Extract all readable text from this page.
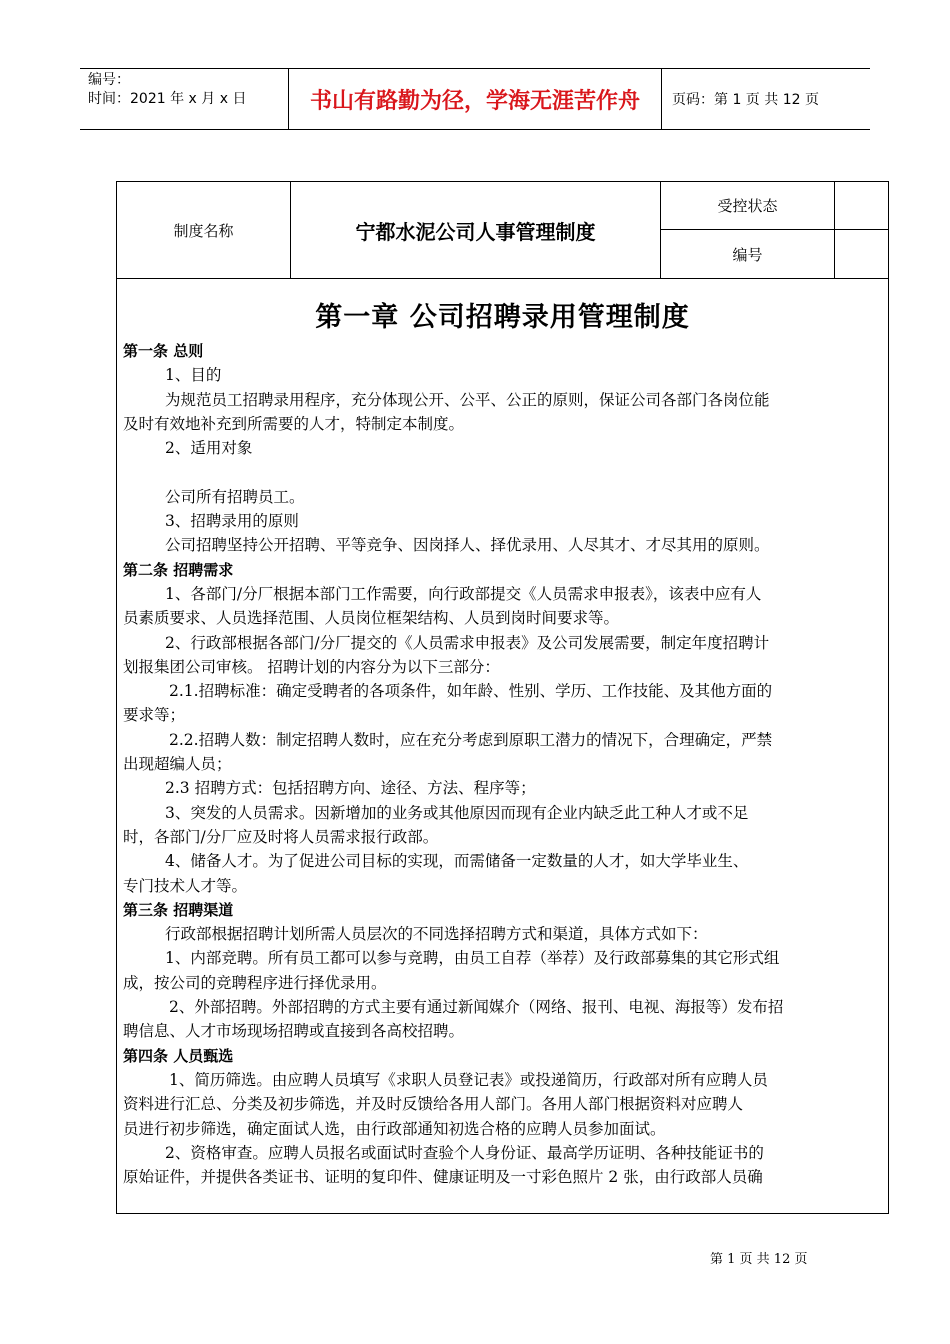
编号：
时间：2021 年 x 月 x 日	书山有路勤为径，学海无涯苦作舟	页码：第 1 页 共 12 页
制度名称	宁都水泥公司人事管理制度
受控状态
编号
第一章 公司招聘录用管理制度
第一条 总则
1、目的
为规范员工招聘录用程序，充分体现公开、公平、公正的原则，保证公司各部门各岗位能
及时有效地补充到所需要的人才，特制定本制度。
2、适用对象
公司所有招聘员工。
3、招聘录用的原则
公司招聘坚持公开招聘、平等竞争、因岗择人、择优录用、人尽其才、才尽其用的原则。
第二条 招聘需求
1、各部门/分厂根据本部门工作需要，向行政部提交《人员需求申报表》，该表中应有人
员素质要求、人员选择范围、人员岗位框架结构、人员到岗时间要求等。
2、行政部根据各部门/分厂提交的《人员需求申报表》及公司发展需要，制定年度招聘计
划报集团公司审核。 招聘计划的内容分为以下三部分：
2.1.招聘标准：确定受聘者的各项条件，如年龄、性别、学历、工作技能、及其他方面的
要求等；
2.2.招聘人数：制定招聘人数时，应在充分考虑到原职工潜力的情况下，合理确定，严禁
出现超编人员；
2.3 招聘方式：包括招聘方向、途径、方法、程序等；
3、突发的人员需求。因新增加的业务或其他原因而现有企业内缺乏此工种人才或不足
时，各部门/分厂应及时将人员需求报行政部。
4、储备人才。为了促进公司目标的实现，而需储备一定数量的人才，如大学毕业生、
专门技术人才等。
第三条 招聘渠道
行政部根据招聘计划所需人员层次的不同选择招聘方式和渠道，具体方式如下：
1、内部竞聘。所有员工都可以参与竞聘，由员工自荐（举荐）及行政部募集的其它形式组
成，按公司的竞聘程序进行择优录用。
2、外部招聘。外部招聘的方式主要有通过新闻媒介（网络、报刊、电视、海报等）发布招
聘信息、人才市场现场招聘或直接到各高校招聘。
第四条 人员甄选
1、简历筛选。由应聘人员填写《求职人员登记表》或投递简历，行政部对所有应聘人员
资料进行汇总、分类及初步筛选，并及时反馈给各用人部门。各用人部门根据资料对应聘人
员进行初步筛选，确定面试人选，由行政部通知初选合格的应聘人员参加面试。
2、资格审查。应聘人员报名或面试时查验个人身份证、最高学历证明、各种技能证书的
原始证件，并提供各类证书、证明的复印件、健康证明及一寸彩色照片 2 张，由行政部人员确
第 1 页 共 12 页
